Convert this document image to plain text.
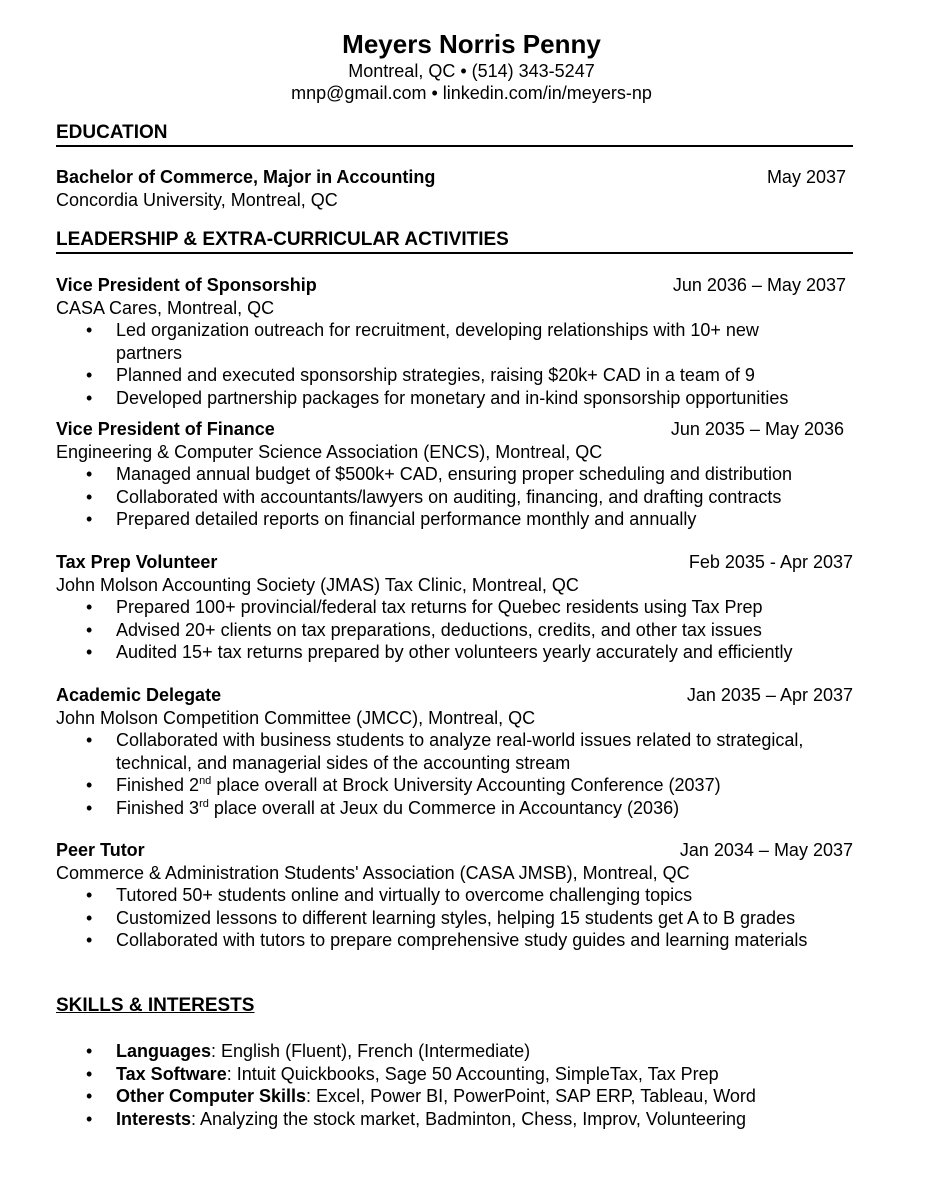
Meyers Norris Penny
Montreal, QC • (514) 343-5247
mnp@gmail.com • linkedin.com/in/meyers-np
EDUCATION
Bachelor of Commerce, Major in Accounting	May 2037
Concordia University, Montreal, QC
LEADERSHIP & EXTRA-CURRICULAR ACTIVITIES
Vice President of Sponsorship	Jun 2036 – May 2037
CASA Cares, Montreal, QC
• Led organization outreach for recruitment, developing relationships with 10+ new partners
• Planned and executed sponsorship strategies, raising $20k+ CAD in a team of 9
• Developed partnership packages for monetary and in-kind sponsorship opportunities
Vice President of Finance	Jun 2035 – May 2036
Engineering & Computer Science Association (ENCS), Montreal, QC
• Managed annual budget of $500k+ CAD, ensuring proper scheduling and distribution
• Collaborated with accountants/lawyers on auditing, financing, and drafting contracts
• Prepared detailed reports on financial performance monthly and annually
Tax Prep Volunteer	Feb 2035 - Apr 2037
John Molson Accounting Society (JMAS) Tax Clinic, Montreal, QC
• Prepared 100+ provincial/federal tax returns for Quebec residents using Tax Prep
• Advised 20+ clients on tax preparations, deductions, credits, and other tax issues
• Audited 15+ tax returns prepared by other volunteers yearly accurately and efficiently
Academic Delegate	Jan 2035 – Apr 2037
John Molson Competition Committee (JMCC), Montreal, QC
• Collaborated with business students to analyze real-world issues related to strategical, technical, and managerial sides of the accounting stream
• Finished 2nd place overall at Brock University Accounting Conference (2037)
• Finished 3rd place overall at Jeux du Commerce in Accountancy (2036)
Peer Tutor	Jan 2034 – May 2037
Commerce & Administration Students' Association (CASA JMSB), Montreal, QC
• Tutored 50+ students online and virtually to overcome challenging topics
• Customized lessons to different learning styles, helping 15 students get A to B grades
• Collaborated with tutors to prepare comprehensive study guides and learning materials
SKILLS & INTERESTS
• Languages: English (Fluent), French (Intermediate)
• Tax Software: Intuit Quickbooks, Sage 50 Accounting, SimpleTax, Tax Prep
• Other Computer Skills: Excel, Power BI, PowerPoint, SAP ERP, Tableau, Word
• Interests: Analyzing the stock market, Badminton, Chess, Improv, Volunteering
